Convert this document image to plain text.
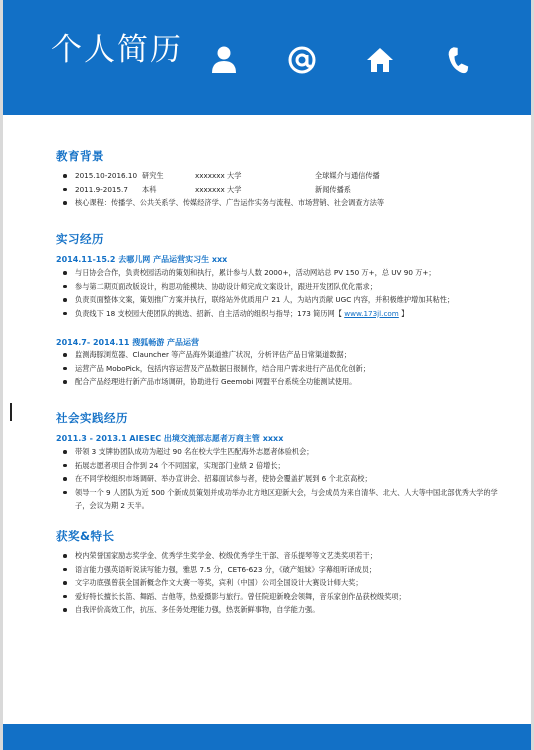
个人简历
教育背景
2015.10-2016.10 研究生	xxxxxxx 大学	全球媒介与通信传播
2011.9-2015.7 本科	xxxxxxx 大学	新闻传播系
核心课程：传播学、公共关系学、传媒经济学、广告运作实务与流程、市场营销、社会调查方法等
实习经历
2014.11-15.2 去哪儿网 产品运营实习生 xxx
与日协会合作，负责校园活动的策划和执行，累计参与人数 2000+，活动网站总 PV 150 万+，总 UV 90 万+；
参与第二期页面改版设计，构思功能模块、协助设计师完成文案设计，跟进开发团队优化需求；
负责页面整体文案，策划推广方案并执行，联络站外优质用户 21 人，为站内贡献 UGC 内容，并积极维护增加其粘性；
负责线下 18 支校园大使团队的挑选、招新、自主活动的组织与指导；173 简历网【 www.173jl.com 】
2014.7- 2014.11 搜狐畅游 产品运营
监测海豚浏览器、Clauncher 等产品海外渠道推广状况，分析评估产品日常渠道数据；
运营产品 MoboPick，包括内容运营及产品数据日报制作，结合用户需求进行产品优化创新；
配合产品经理进行新产品市场调研，协助进行 Geemobi 网盟平台系统全功能测试使用。
社会实践经历
2011.3 - 2013.1 AIESEC 出境交流部志愿者万商主管 xxxx
带领 3 支牌协团队成功为超过 90 名在校大学生匹配海外志愿者体验机会；
拓展志愿者项目合作到 24 个不同国家，实现部门业绩 2 倍增长；
在不同学校组织市场调研、举办宣讲会、招募面试参与者，使协会覆盖扩展到 6 个北京高校；
领导一个 9 人团队为近 500 个新成员策划并成功举办北方地区迎新大会，与会成员为来自清华、北大、人大等中国北部优秀大学的学子，会议为期 2 天半。
获奖&特长
校内荣誉国家励志奖学金、优秀学生奖学金、校级优秀学生干部、音乐提琴等文艺类奖项若干；
语言能力强英语听说读写能力强，雅思 7.5 分，CET6-623 分，《破产姐妹》字幕组听译成员；
文字功底强曾获全国新概念作文大赛一等奖，宾利（中国）公司全国设计大赛设计师大奖；
爱好特长擅长长笛、舞蹈、吉他等，热爱摄影与旅行。曾任院迎新晚会领舞，音乐家创作品获校级奖项；
自我评价高效工作，抗压、多任务处理能力强，热衷新鲜事物，自学能力强。
